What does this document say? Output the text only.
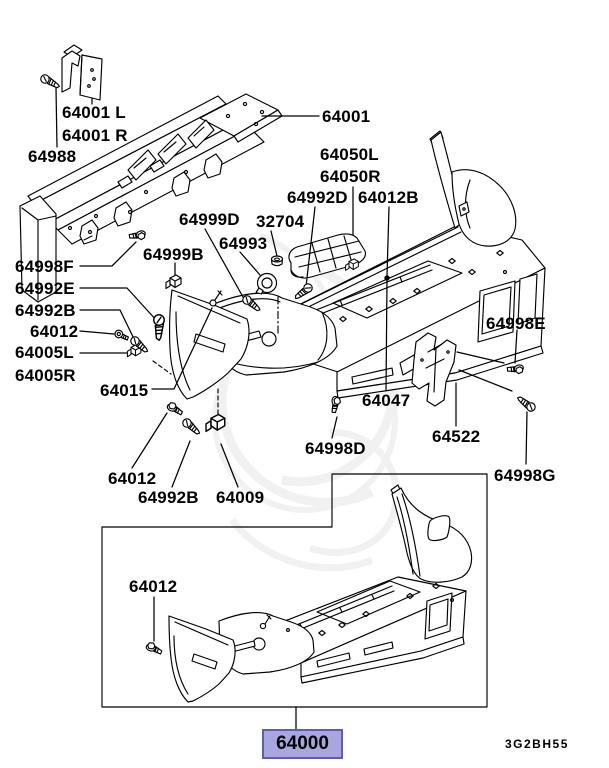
64001 L
64001 R
64988
64001
64050L
64050R
64992D 64012B
64999D 32704
64993
64999B
64998F
64992E
64992B
64012
64005L
64005R
64015
64998E
64047
64522
64998D
64998G
64012
64992B 64009
64012
64000	3G2BH55
